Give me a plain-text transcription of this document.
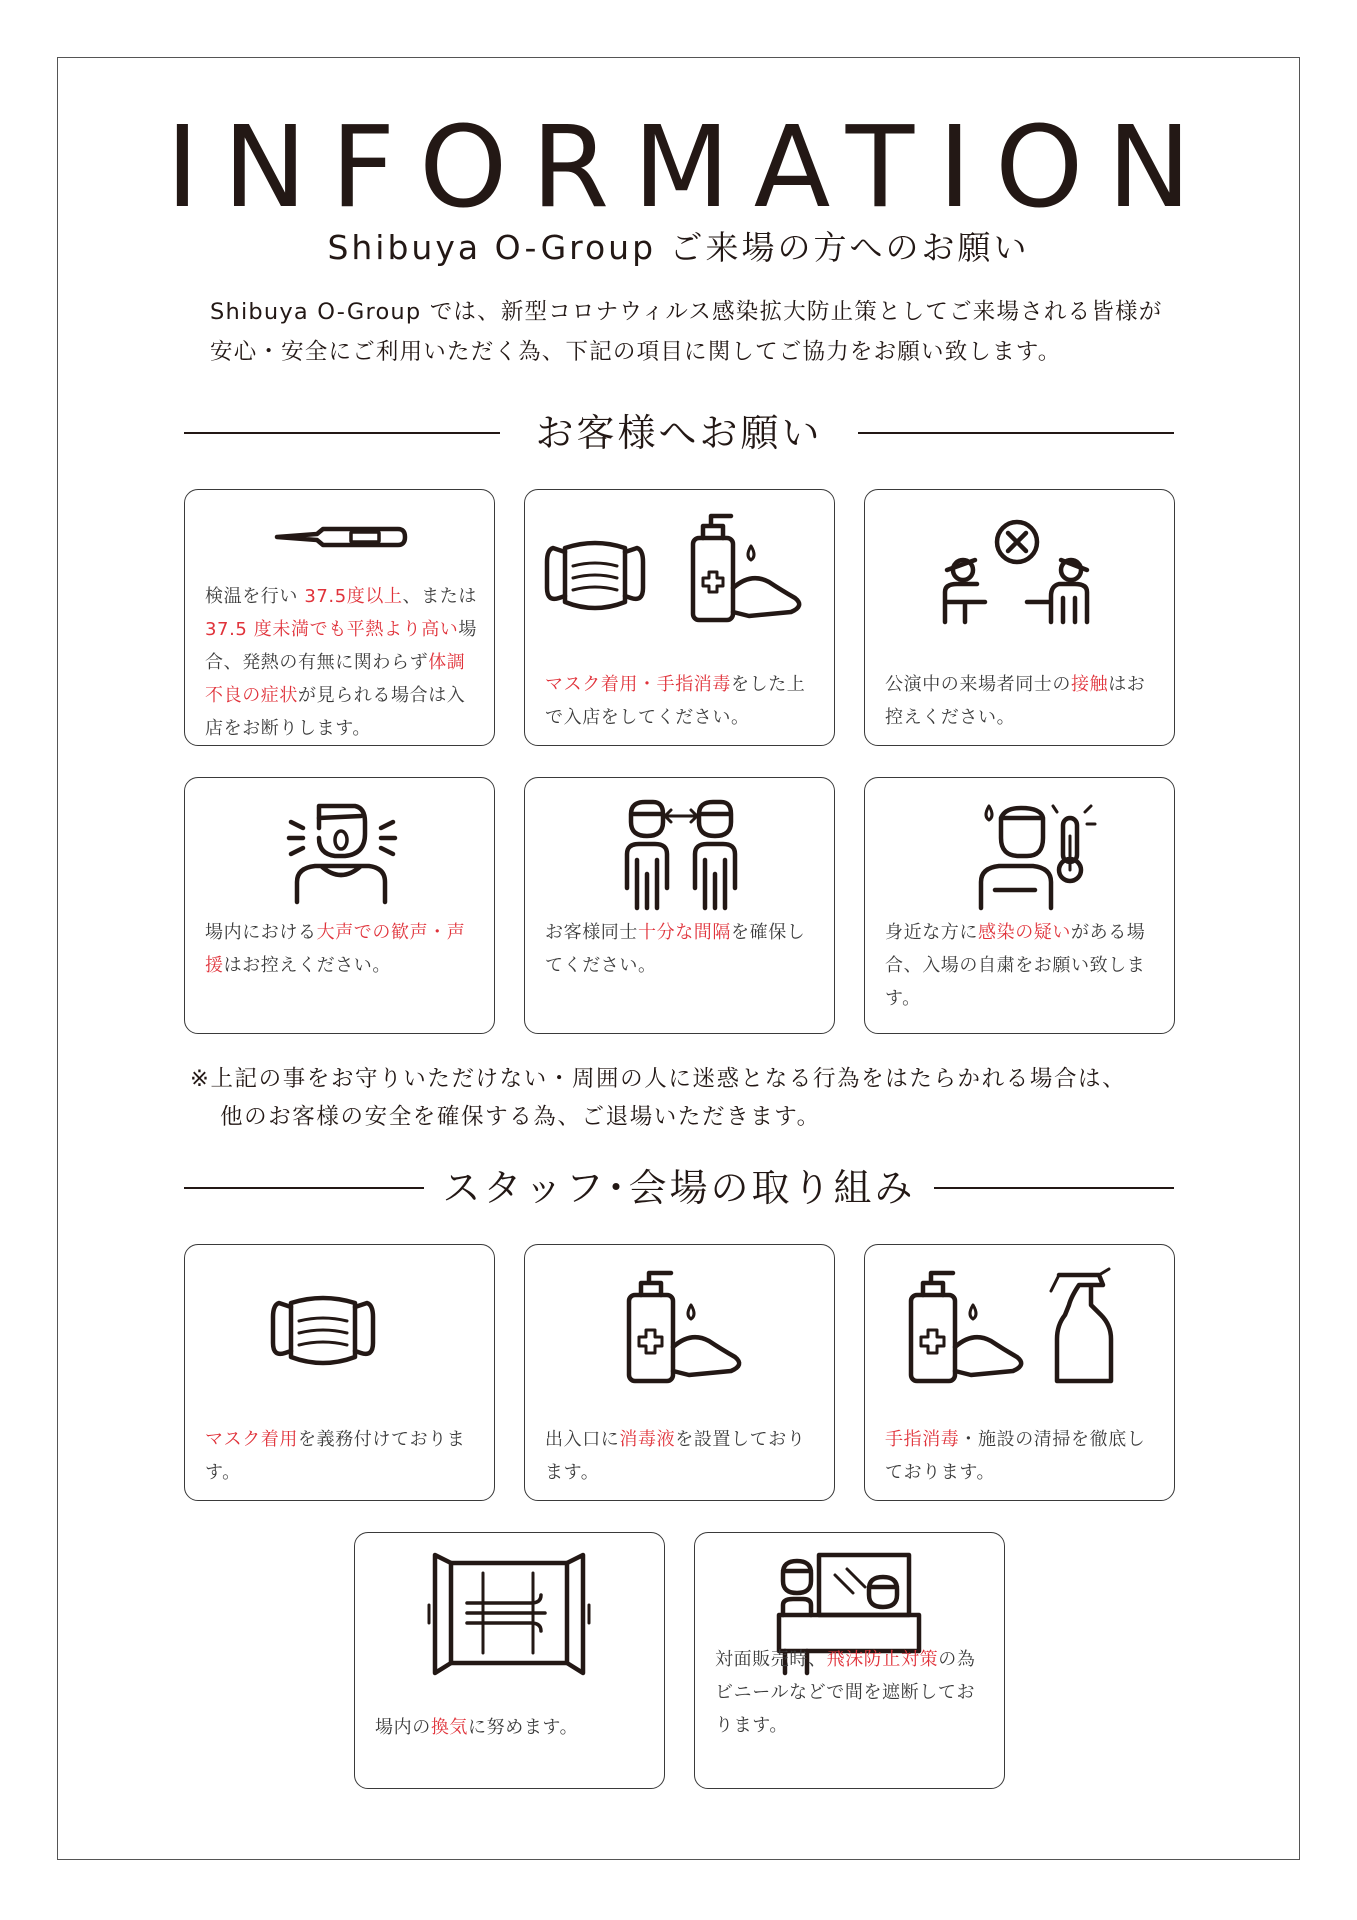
INFORMATION
Shibuya O-Group ご来場の方へのお願い
Shibuya O-Group では、新型コロナウィルス感染拡大防止策としてご来場される皆様が
安心・安全にご利用いただく為、下記の項目に関してご協力をお願い致します。
お客様へお願い
検温を行い 37.5度以上、または37.5 度未満でも平熱より高い場合、発熱の有無に関わらず体調不良の症状が見られる場合は入店をお断りします。
マスク着用・手指消毒をした上で入店をしてください。
公演中の来場者同士の接触はお控えください。
場内における大声での歓声・声援はお控えください。
お客様同士十分な間隔を確保してください。
身近な方に感染の疑いがある場合、入場の自粛をお願い致します。
※上記の事をお守りいただけない・周囲の人に迷惑となる行為をはたらかれる場合は、
他のお客様の安全を確保する為、ご退場いただきます。
スタッフ･会場の取り組み
マスク着用を義務付けております。
出入口に消毒液を設置しております。
手指消毒・施設の清掃を徹底しております。
場内の換気に努めます。
対面販売時、飛沫防止対策の為ビニールなどで間を遮断しております。
